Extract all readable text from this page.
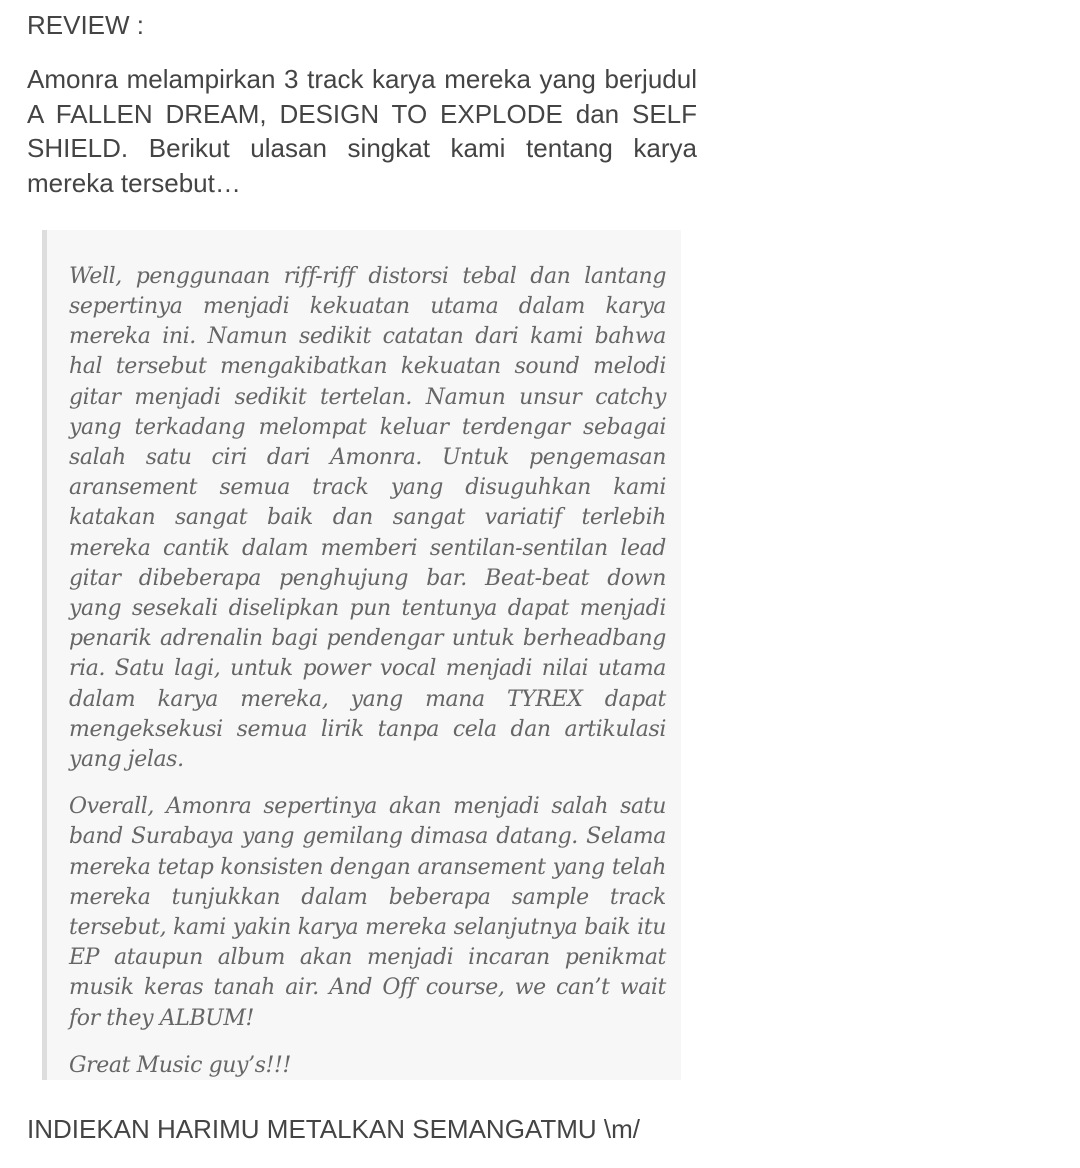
REVIEW :

Amonra melampirkan 3 track karya mereka yang berjudul A FALLEN DREAM, DESIGN TO EXPLODE dan SELF SHIELD. Berikut ulasan singkat kami tentang karya mereka tersebut…

Well, penggunaan riff-riff distorsi tebal dan lantang sepertinya menjadi kekuatan utama dalam karya mereka ini. Namun sedikit catatan dari kami bahwa hal tersebut mengakibatkan kekuatan sound melodi gitar menjadi sedikit tertelan. Namun unsur catchy yang terkadang melompat keluar terdengar sebagai salah satu ciri dari Amonra. Untuk pengemasan aransement semua track yang disuguhkan kami katakan sangat baik dan sangat variatif terlebih mereka cantik dalam memberi sentilan-sentilan lead gitar dibeberapa penghujung bar. Beat-beat down yang sesekali diselipkan pun tentunya dapat menjadi penarik adrenalin bagi pendengar untuk berheadbang ria. Satu lagi, untuk power vocal menjadi nilai utama dalam karya mereka, yang mana TYREX dapat mengeksekusi semua lirik tanpa cela dan artikulasi yang jelas.

Overall, Amonra sepertinya akan menjadi salah satu band Surabaya yang gemilang dimasa datang. Selama mereka tetap konsisten dengan aransement yang telah mereka tunjukkan dalam beberapa sample track tersebut, kami yakin karya mereka selanjutnya baik itu EP ataupun album akan menjadi incaran penikmat musik keras tanah air. And Off course, we can’t wait for they ALBUM!

Great Music guy’s!!!

INDIEKAN HARIMU METALKAN SEMANGATMU \m/
